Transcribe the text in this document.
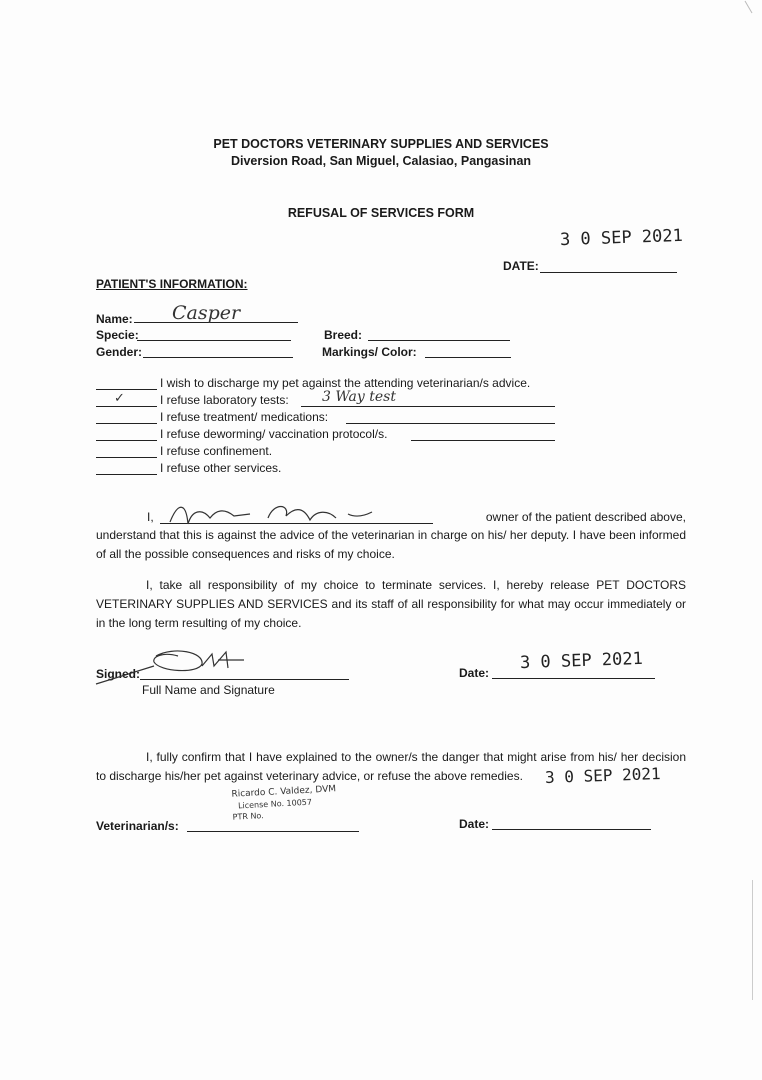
PET DOCTORS VETERINARY SUPPLIES AND SERVICES
Diversion Road, San Miguel, Calasiao, Pangasinan
REFUSAL OF SERVICES FORM
3 0 SEP 2021
DATE:
PATIENT'S INFORMATION:
Name: Casper
Specie:	Breed:
Gender:	Markings/ Color:
I wish to discharge my pet against the attending veterinarian/s advice.
✓	I refuse laboratory tests: 3 Way test
I refuse treatment/ medications:
I refuse deworming/ vaccination protocol/s.
I refuse confinement.
I refuse other services.
I,	owner of the patient described above,
understand that this is against the advice of the veterinarian in charge on his/ her deputy. I have been informed of all the possible consequences and risks of my choice.
I, take all responsibility of my choice to terminate services. I, hereby release PET DOCTORS VETERINARY SUPPLIES AND SERVICES and its staff of all responsibility for what may occur immediately or in the long term resulting of my choice.
Signed:
Full Name and Signature
Date: 3 0 SEP 2021
I, fully confirm that I have explained to the owner/s the danger that might arise from his/ her decision to discharge his/her pet against veterinary advice, or refuse the above remedies.	3 0 SEP 2021
Ricardo C. Valdez, DVM
License No. 10057
PTR No.
Veterinarian/s:	Date:
